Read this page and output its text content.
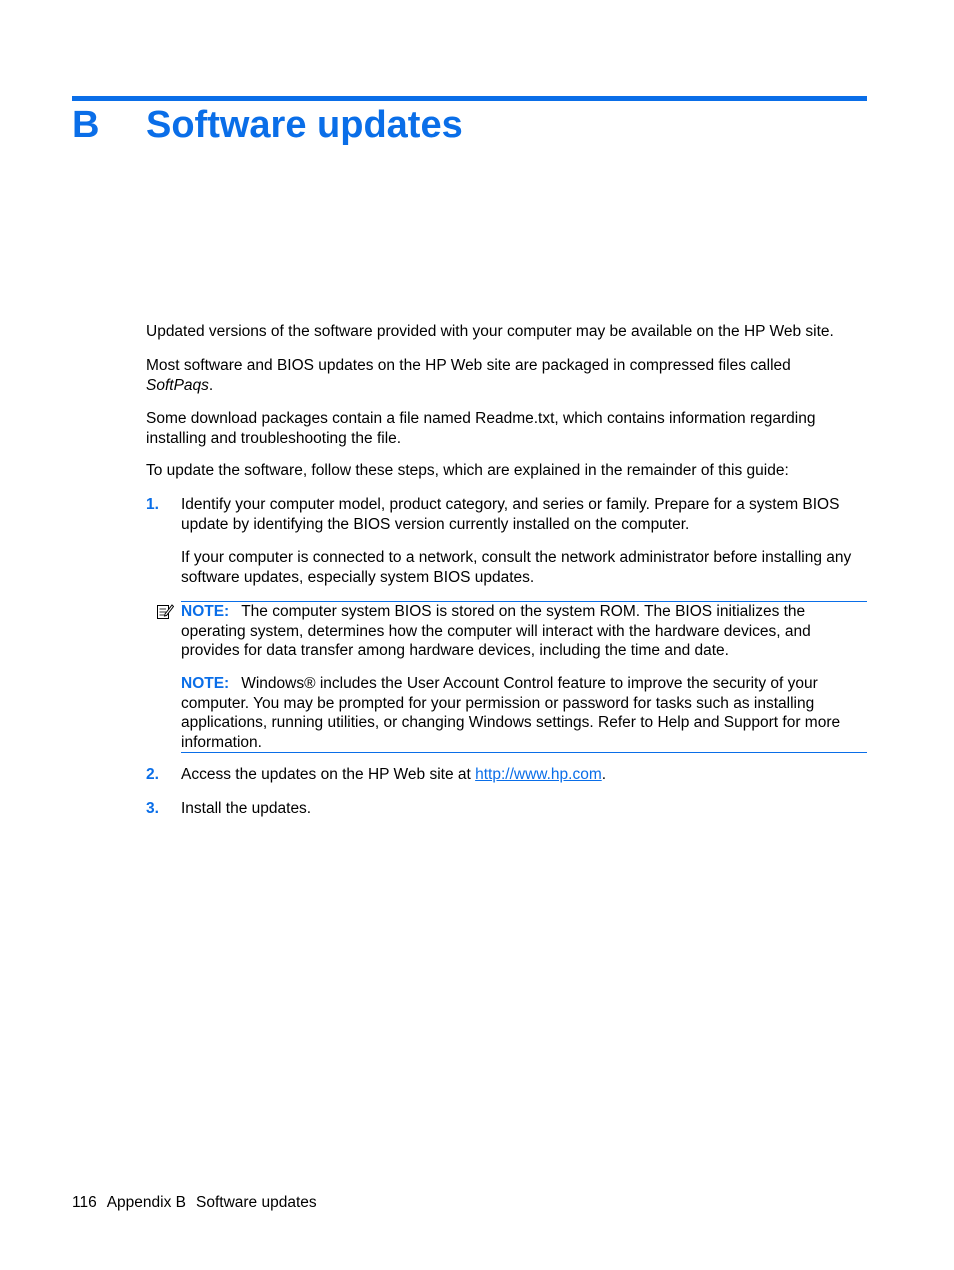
B Software updates
Updated versions of the software provided with your computer may be available on the HP Web site.
Most software and BIOS updates on the HP Web site are packaged in compressed files called
SoftPaqs.
Some download packages contain a file named Readme.txt, which contains information regarding installing and troubleshooting the file.
To update the software, follow these steps, which are explained in the remainder of this guide:
1. Identify your computer model, product category, and series or family. Prepare for a system BIOS update by identifying the BIOS version currently installed on the computer.
If your computer is connected to a network, consult the network administrator before installing any software updates, especially system BIOS updates.
NOTE: The computer system BIOS is stored on the system ROM. The BIOS initializes the operating system, determines how the computer will interact with the hardware devices, and provides for data transfer among hardware devices, including the time and date.
NOTE: Windows® includes the User Account Control feature to improve the security of your computer. You may be prompted for your permission or password for tasks such as installing applications, running utilities, or changing Windows settings. Refer to Help and Support for more information.
2. Access the updates on the HP Web site at http://www.hp.com.
3. Install the updates.
116 Appendix B Software updates
